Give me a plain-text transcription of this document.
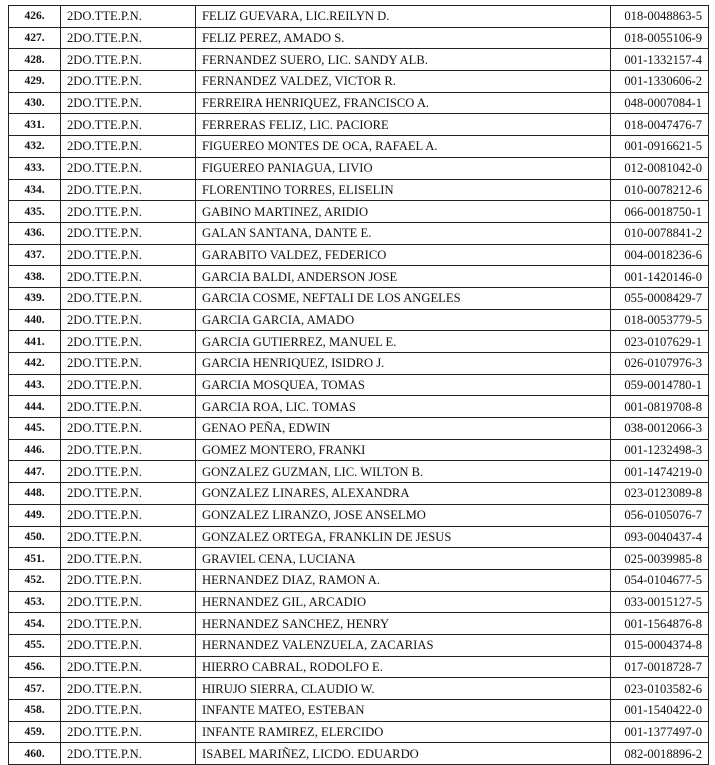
426.	2DO.TTE.P.N.	FELIZ GUEVARA, LIC.REILYN D.	018-0048863-5
427.	2DO.TTE.P.N.	FELIZ PEREZ, AMADO S.	018-0055106-9
428.	2DO.TTE.P.N.	FERNANDEZ SUERO, LIC. SANDY ALB.	001-1332157-4
429.	2DO.TTE.P.N.	FERNANDEZ VALDEZ, VICTOR R.	001-1330606-2
430.	2DO.TTE.P.N.	FERREIRA HENRIQUEZ, FRANCISCO A.	048-0007084-1
431.	2DO.TTE.P.N.	FERRERAS FELIZ, LIC. PACIORE	018-0047476-7
432.	2DO.TTE.P.N.	FIGUEREO MONTES DE OCA, RAFAEL A.	001-0916621-5
433.	2DO.TTE.P.N.	FIGUEREO PANIAGUA, LIVIO	012-0081042-0
434.	2DO.TTE.P.N.	FLORENTINO TORRES, ELISELIN	010-0078212-6
435.	2DO.TTE.P.N.	GABINO MARTINEZ, ARIDIO	066-0018750-1
436.	2DO.TTE.P.N.	GALAN SANTANA, DANTE E.	010-0078841-2
437.	2DO.TTE.P.N.	GARABITO VALDEZ, FEDERICO	004-0018236-6
438.	2DO.TTE.P.N.	GARCIA BALDI, ANDERSON JOSE	001-1420146-0
439.	2DO.TTE.P.N.	GARCIA COSME, NEFTALI DE LOS ANGELES	055-0008429-7
440.	2DO.TTE.P.N.	GARCIA GARCIA, AMADO	018-0053779-5
441.	2DO.TTE.P.N.	GARCIA GUTIERREZ, MANUEL E.	023-0107629-1
442.	2DO.TTE.P.N.	GARCIA HENRIQUEZ, ISIDRO J.	026-0107976-3
443.	2DO.TTE.P.N.	GARCIA MOSQUEA, TOMAS	059-0014780-1
444.	2DO.TTE.P.N.	GARCIA ROA, LIC. TOMAS	001-0819708-8
445.	2DO.TTE.P.N.	GENAO PEÑA, EDWIN	038-0012066-3
446.	2DO.TTE.P.N.	GOMEZ MONTERO, FRANKI	001-1232498-3
447.	2DO.TTE.P.N.	GONZALEZ GUZMAN, LIC. WILTON B.	001-1474219-0
448.	2DO.TTE.P.N.	GONZALEZ LINARES, ALEXANDRA	023-0123089-8
449.	2DO.TTE.P.N.	GONZALEZ LIRANZO, JOSE ANSELMO	056-0105076-7
450.	2DO.TTE.P.N.	GONZALEZ ORTEGA, FRANKLIN DE JESUS	093-0040437-4
451.	2DO.TTE.P.N.	GRAVIEL CENA, LUCIANA	025-0039985-8
452.	2DO.TTE.P.N.	HERNANDEZ DIAZ, RAMON A.	054-0104677-5
453.	2DO.TTE.P.N.	HERNANDEZ GIL, ARCADIO	033-0015127-5
454.	2DO.TTE.P.N.	HERNANDEZ SANCHEZ, HENRY	001-1564876-8
455.	2DO.TTE.P.N.	HERNANDEZ VALENZUELA, ZACARIAS	015-0004374-8
456.	2DO.TTE.P.N.	HIERRO CABRAL, RODOLFO E.	017-0018728-7
457.	2DO.TTE.P.N.	HIRUJO SIERRA, CLAUDIO W.	023-0103582-6
458.	2DO.TTE.P.N.	INFANTE MATEO, ESTEBAN	001-1540422-0
459.	2DO.TTE.P.N.	INFANTE RAMIREZ, ELERCIDO	001-1377497-0
460.	2DO.TTE.P.N.	ISABEL MARIÑEZ, LICDO. EDUARDO	082-0018896-2
